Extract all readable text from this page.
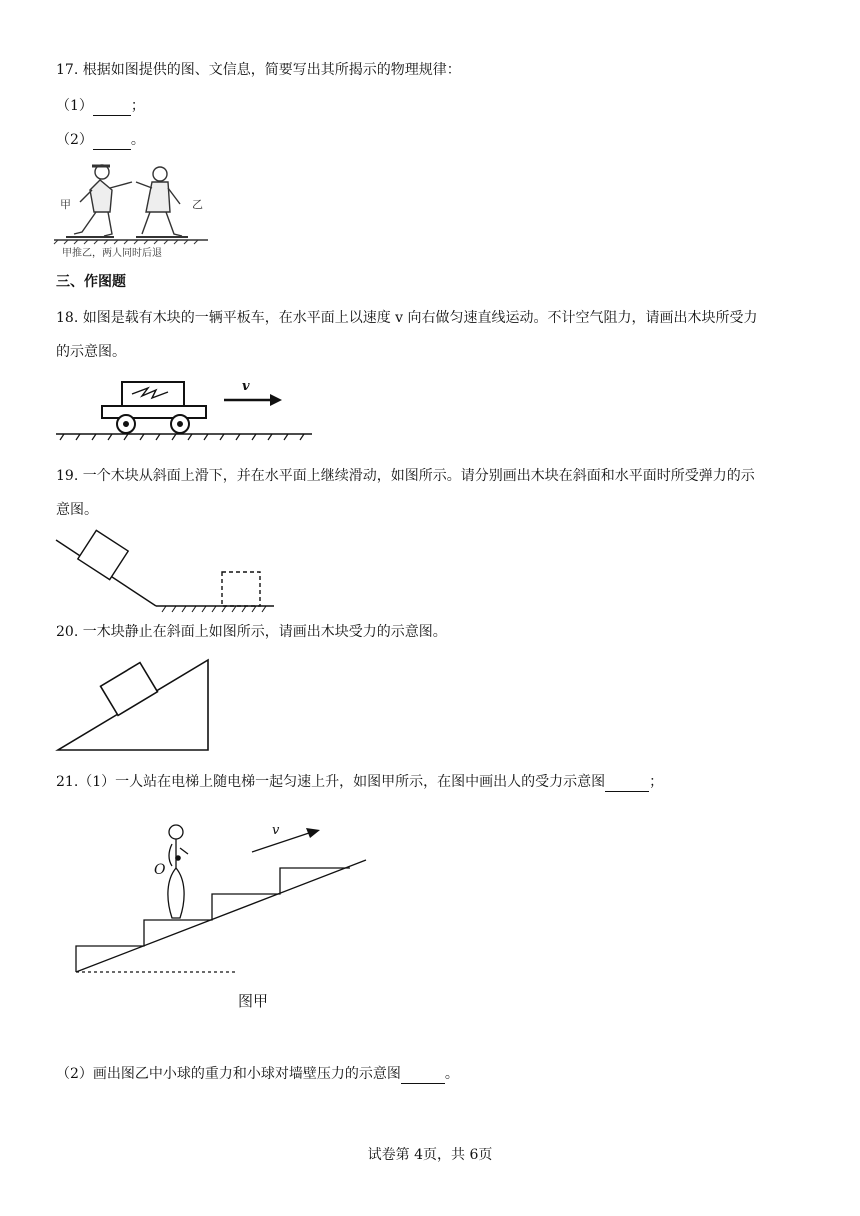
17. 根据如图提供的图、文信息，简要写出其所揭示的物理规律：
（1）	；
（2）	。
甲	乙
甲推乙，两人同时后退
三、作图题
18. 如图是载有木块的一辆平板车，在水平面上以速度 v 向右做匀速直线运动。不计空气阻力，请画出木块所受力
的示意图。
v
19. 一个木块从斜面上滑下，并在水平面上继续滑动，如图所示。请分别画出木块在斜面和水平面时所受弹力的示
意图。
20. 一木块静止在斜面上如图所示，请画出木块受力的示意图。
21.（1）一人站在电梯上随电梯一起匀速上升，如图甲所示，在图中画出人的受力示意图	；
O
v
图甲
（2）画出图乙中小球的重力和小球对墙壁压力的示意图	。
试卷第 4页，共 6页
